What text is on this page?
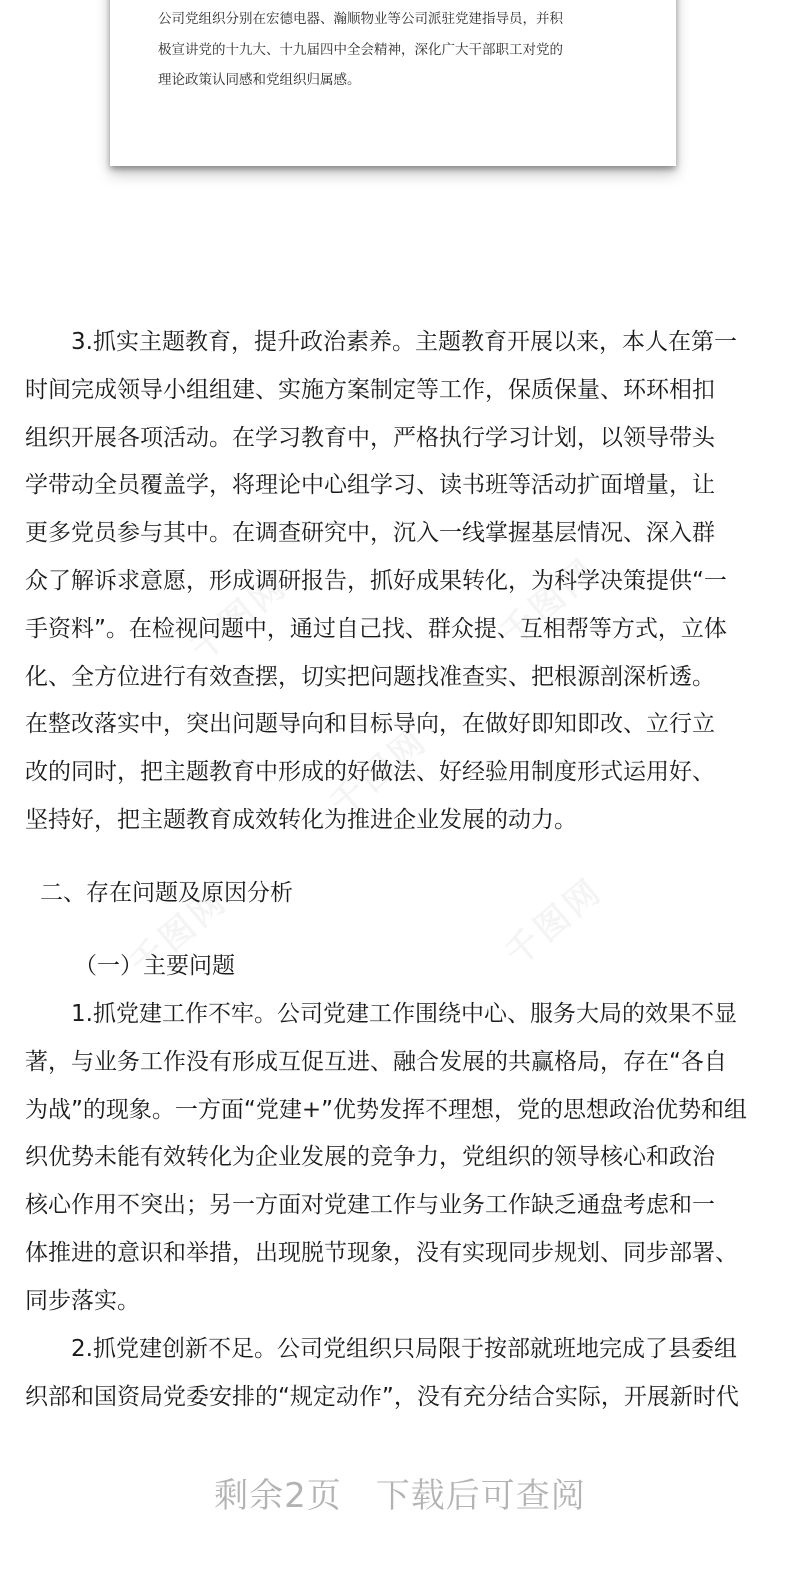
公司党组织分别在宏德电器、瀚顺物业等公司派驻党建指导员，并积

极宣讲党的十九大、十九届四中全会精神，深化广大干部职工对党的

理论政策认同感和党组织归属感。

3.抓实主题教育，提升政治素养。主题教育开展以来，本人在第一

时间完成领导小组组建、实施方案制定等工作，保质保量、环环相扣

组织开展各项活动。在学习教育中，严格执行学习计划，以领导带头

学带动全员覆盖学，将理论中心组学习、读书班等活动扩面增量，让

更多党员参与其中。在调查研究中，沉入一线掌握基层情况、深入群

众了解诉求意愿，形成调研报告，抓好成果转化，为科学决策提供“一

手资料”。在检视问题中，通过自己找、群众提、互相帮等方式，立体

化、全方位进行有效查摆，切实把问题找准查实、把根源剖深析透。

在整改落实中，突出问题导向和目标导向，在做好即知即改、立行立

改的同时，把主题教育中形成的好做法、好经验用制度形式运用好、

坚持好，把主题教育成效转化为推进企业发展的动力。

二、存在问题及原因分析

（一）主要问题

1.抓党建工作不牢。公司党建工作围绕中心、服务大局的效果不显

著，与业务工作没有形成互促互进、融合发展的共赢格局，存在“各自

为战”的现象。一方面“党建+”优势发挥不理想，党的思想政治优势和组

织优势未能有效转化为企业发展的竞争力，党组织的领导核心和政治

核心作用不突出；另一方面对党建工作与业务工作缺乏通盘考虑和一

体推进的意识和举措，出现脱节现象，没有实现同步规划、同步部署、

同步落实。

2.抓党建创新不足。公司党组织只局限于按部就班地完成了县委组

织部和国资局党委安排的“规定动作”，没有充分结合实际，开展新时代

剩余2页 下载后可查阅
